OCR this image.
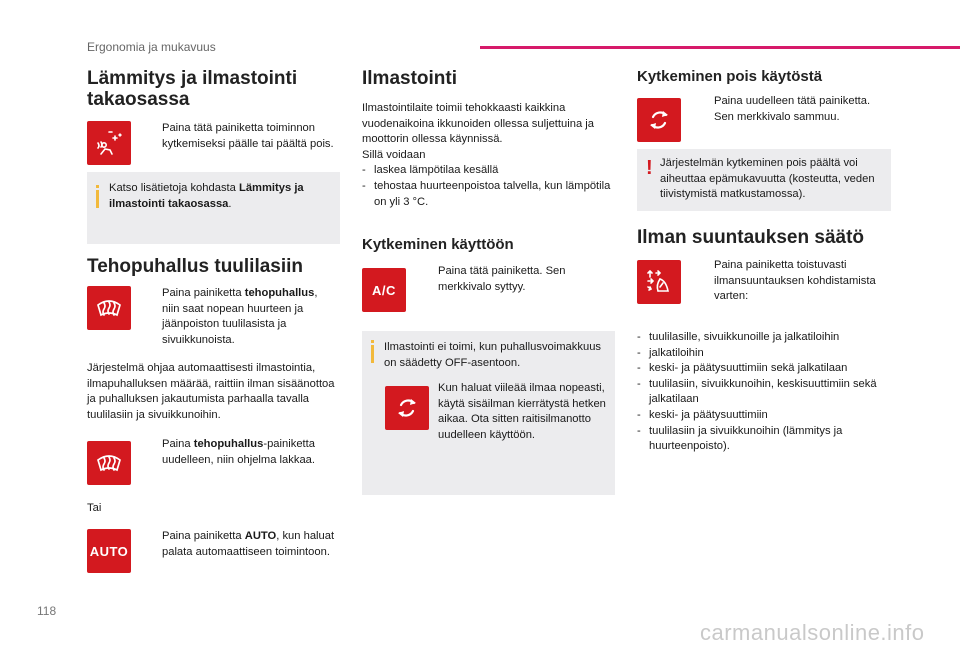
Ergonomia ja mukavuus
Lämmitys ja ilmastointi takaosassa
Paina tätä painiketta toiminnon kytkemiseksi päälle tai päältä pois.
Katso lisätietoja kohdasta Lämmitys ja ilmastointi takaosassa.
Tehopuhallus tuulilasiin
Paina painiketta tehopuhallus, niin saat nopean huurteen ja jäänpoiston tuulilasista ja sivuikkunoista.
Järjestelmä ohjaa automaattisesti ilmastointia, ilmapuhalluksen määrää, raittiin ilman sisäänottoa ja puhalluksen jakautumista parhaalla tavalla tuulilasiin ja sivuikkunoihin.
Paina tehopuhallus-painiketta uudelleen, niin ohjelma lakkaa.
Tai
AUTO
Paina painiketta AUTO, kun haluat palata automaattiseen toimintoon.
Ilmastointi
Ilmastointilaite toimii tehokkaasti kaikkina vuodenaikoina ikkunoiden ollessa suljettuina ja moottorin ollessa käynnissä.
Sillä voidaan
- laskea lämpötilaa kesällä
- tehostaa huurteenpoistoa talvella, kun lämpötila on yli 3 °C.
Kytkeminen käyttöön
A/C
Paina tätä painiketta. Sen merkkivalo syttyy.
Ilmastointi ei toimi, kun puhallusvoimakkuus on säädetty OFF-asentoon.
Kun haluat viileää ilmaa nopeasti, käytä sisäilman kierrätystä hetken aikaa. Ota sitten raitisilmanotto uudelleen käyttöön.
Kytkeminen pois käytöstä
Paina uudelleen tätä painiketta. Sen merkkivalo sammuu.
! Järjestelmän kytkeminen pois päältä voi aiheuttaa epämukavuutta (kosteutta, veden tiivistymistä matkustamossa).
Ilman suuntauksen säätö
Paina painiketta toistuvasti ilmansuuntauksen kohdistamista varten:
- tuulilasille, sivuikkunoille ja jalkatiloihin
- jalkatiloihin
- keski- ja päätysuuttimiin sekä jalkatilaan
- tuulilasiin, sivuikkunoihin, keskisuuttimiin sekä jalkatilaan
- keski- ja päätysuuttimiin
- tuulilasiin ja sivuikkunoihin (lämmitys ja huurteenpoisto).
118
carmanualsonline.info
